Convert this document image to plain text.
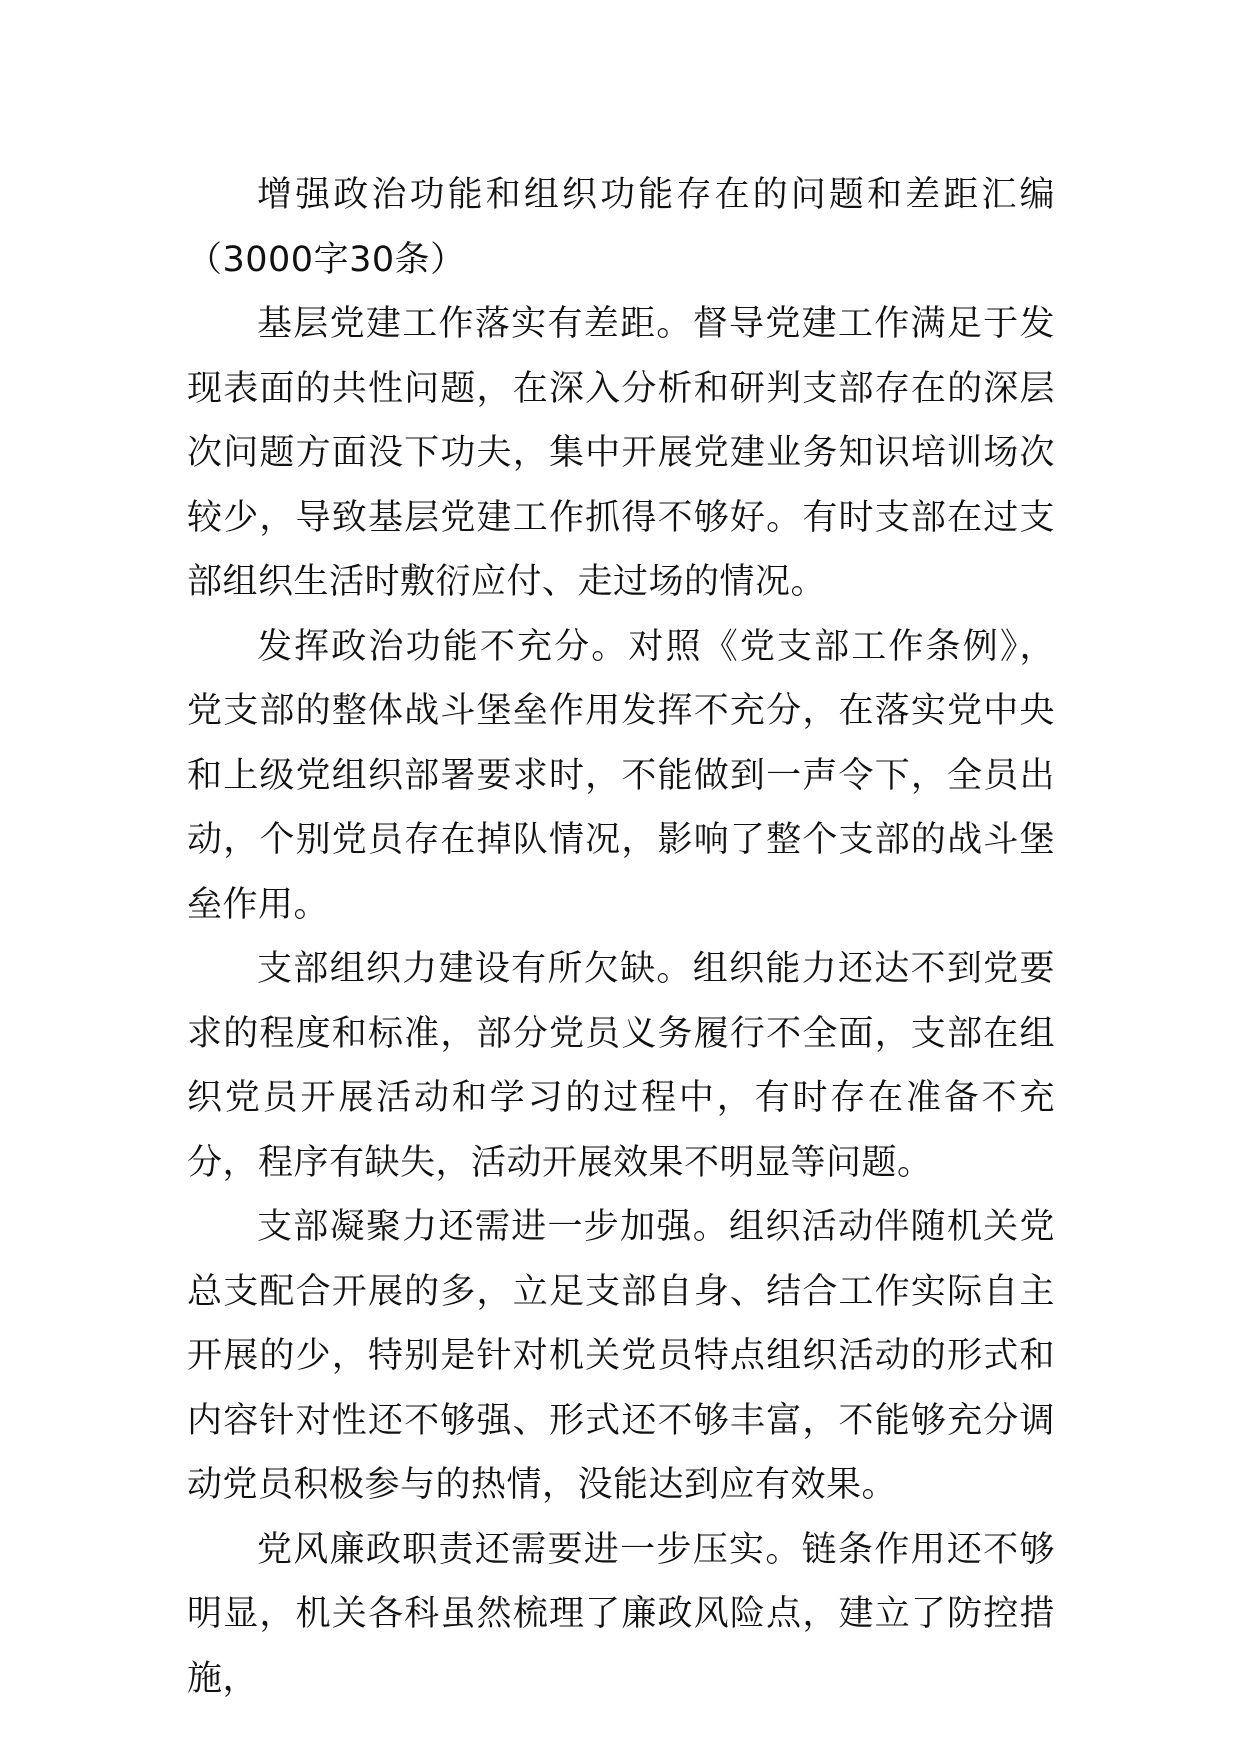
增强政治功能和组织功能存在的问题和差距汇编（3000字30条）

基层党建工作落实有差距。督导党建工作满足于发现表面的共性问题，在深入分析和研判支部存在的深层次问题方面没下功夫，集中开展党建业务知识培训场次较少，导致基层党建工作抓得不够好。有时支部在过支部组织生活时敷衍应付、走过场的情况。

发挥政治功能不充分。对照《党支部工作条例》，党支部的整体战斗堡垒作用发挥不充分，在落实党中央和上级党组织部署要求时，不能做到一声令下，全员出动，个别党员存在掉队情况，影响了整个支部的战斗堡垒作用。

支部组织力建设有所欠缺。组织能力还达不到党要求的程度和标准，部分党员义务履行不全面，支部在组织党员开展活动和学习的过程中，有时存在准备不充分，程序有缺失，活动开展效果不明显等问题。

支部凝聚力还需进一步加强。组织活动伴随机关党总支配合开展的多，立足支部自身、结合工作实际自主开展的少，特别是针对机关党员特点组织活动的形式和内容针对性还不够强、形式还不够丰富，不能够充分调动党员积极参与的热情，没能达到应有效果。

党风廉政职责还需要进一步压实。链条作用还不够明显，机关各科虽然梳理了廉政风险点，建立了防控措施，
